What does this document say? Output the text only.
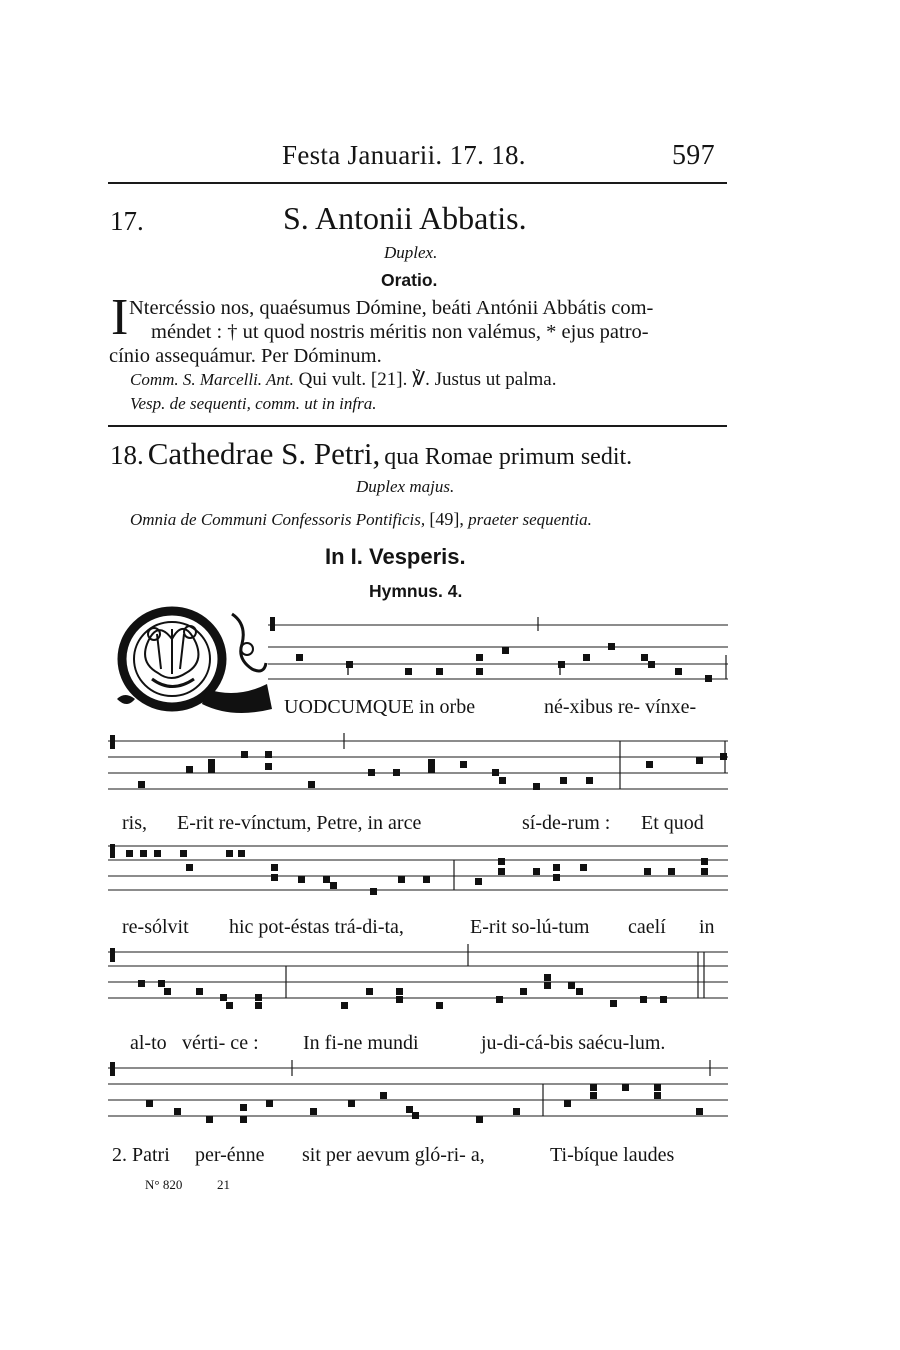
Festa Januarii. 17. 18.	597
17.	S. Antonii Abbatis.
Duplex.
Oratio.
I Ntercéssio nos, quaésumus Dómine, beáti Antónii Abbátis com-
méndet : † ut quod nostris méritis non valémus, * ejus patro-
cínio assequámur. Per Dóminum.
Comm. S. Marcelli. Ant. Qui vult. [21]. ℣. Justus ut palma.
Vesp. de sequenti, comm. ut in infra.
18. Cathedrae S. Petri, qua Romae primum sedit.
Duplex majus.
Omnia de Communi Confessoris Pontificis, [49], praeter sequentia.
In I. Vesperis.
Hymnus. 4.
UODCUMQUE in orbe	né-xibus re- vínxe-
ris, E-rit re-vínctum, Petre, in arce	sí-de-rum : Et quod
re-sólvit hic pot-éstas trá-di-ta,	E-rit so-lú-tum caelí in
al-to vérti- ce : In fi-ne mundi	ju-di-cá-bis saécu-lum.
2. Patri per-énne sit per aevum gló-ri- a,	Ti-bíque laudes
N° 820	21
